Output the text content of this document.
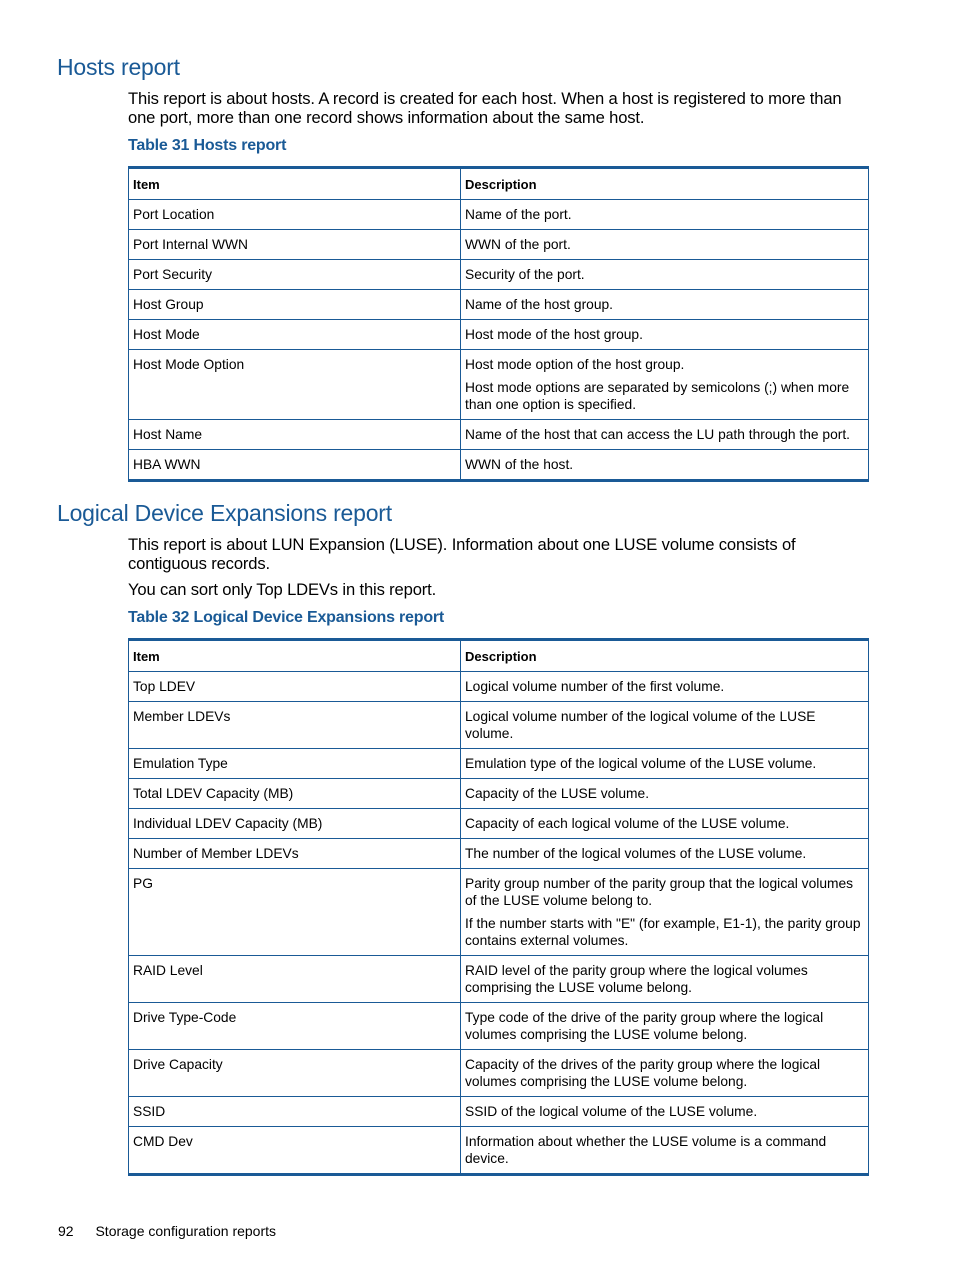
Hosts report

This report is about hosts. A record is created for each host. When a host is registered to more than one port, more than one record shows information about the same host.

Table 31 Hosts report

Item	Description
Port Location	Name of the port.
Port Internal WWN	WWN of the port.
Port Security	Security of the port.
Host Group	Name of the host group.
Host Mode	Host mode of the host group.
Host Mode Option	Host mode option of the host group.
Host mode options are separated by semicolons (;) when more than one option is specified.

Host Name	Name of the host that can access the LU path through the port.
HBA WWN	WWN of the host.
Logical Device Expansions report

This report is about LUN Expansion (LUSE). Information about one LUSE volume consists of contiguous records.

You can sort only Top LDEVs in this report.

Table 32 Logical Device Expansions report

Item	Description
Top LDEV	Logical volume number of the first volume.
Member LDEVs	Logical volume number of the logical volume of the LUSE volume.
Emulation Type	Emulation type of the logical volume of the LUSE volume.
Total LDEV Capacity (MB)	Capacity of the LUSE volume.
Individual LDEV Capacity (MB)	Capacity of each logical volume of the LUSE volume.
Number of Member LDEVs	The number of the logical volumes of the LUSE volume.
PG	Parity group number of the parity group that the logical volumes of the LUSE volume belong to.
If the number starts with "E" (for example, E1-1), the parity group contains external volumes.

RAID Level	RAID level of the parity group where the logical volumes comprising the LUSE volume belong.
Drive Type-Code	Type code of the drive of the parity group where the logical volumes comprising the LUSE volume belong.
Drive Capacity	Capacity of the drives of the parity group where the logical volumes comprising the LUSE volume belong.
SSID	SSID of the logical volume of the LUSE volume.
CMD Dev	Information about whether the LUSE volume is a command device.
92 Storage configuration reports
